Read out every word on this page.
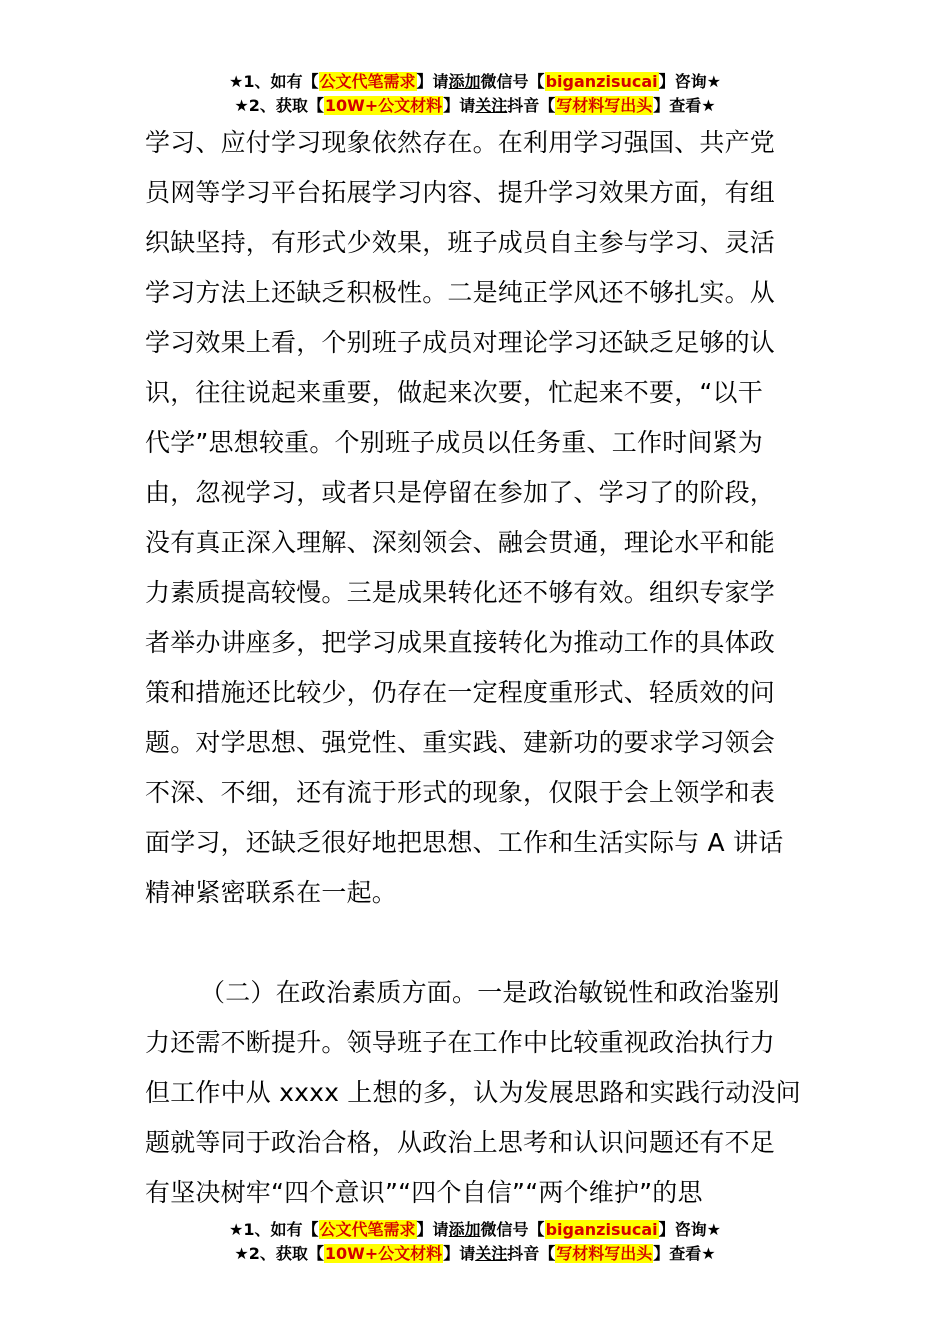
★1、如有【公文代笔需求】请添加微信号【biganzisucai】咨询★
★2、获取【10W+公文材料】请关注抖音【写材料写出头】查看★
学习、应付学习现象依然存在。在利用学习强国、共产党
员网等学习平台拓展学习内容、提升学习效果方面，有组
织缺坚持，有形式少效果，班子成员自主参与学习、灵活
学习方法上还缺乏积极性。二是纯正学风还不够扎实。从
学习效果上看，个别班子成员对理论学习还缺乏足够的认
识，往往说起来重要，做起来次要，忙起来不要，“以干
代学”思想较重。个别班子成员以任务重、工作时间紧为
由，忽视学习，或者只是停留在参加了、学习了的阶段，
没有真正深入理解、深刻领会、融会贯通，理论水平和能
力素质提高较慢。三是成果转化还不够有效。组织专家学
者举办讲座多，把学习成果直接转化为推动工作的具体政
策和措施还比较少，仍存在一定程度重形式、轻质效的问
题。对学思想、强党性、重实践、建新功的要求学习领会
不深、不细，还有流于形式的现象，仅限于会上领学和表
面学习，还缺乏很好地把思想、工作和生活实际与 A 讲话
精神紧密联系在一起。
（二）在政治素质方面。一是政治敏锐性和政治鉴别
力还需不断提升。领导班子在工作中比较重视政治执行力
但工作中从 xxxx 上想的多，认为发展思路和实践行动没问
题就等同于政治合格，从政治上思考和认识问题还有不足
有坚决树牢“四个意识”“四个自信”“两个维护”的思
★1、如有【公文代笔需求】请添加微信号【biganzisucai】咨询★
★2、获取【10W+公文材料】请关注抖音【写材料写出头】查看★
